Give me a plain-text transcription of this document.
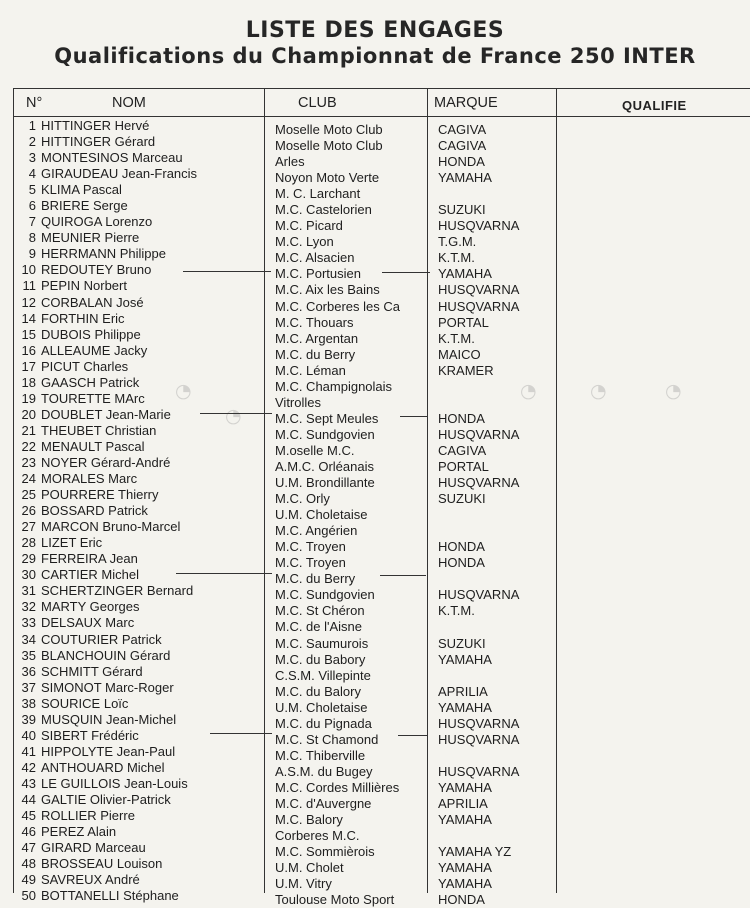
LISTE DES ENGAGES
Qualifications du Championnat de France 250 INTER
N°	NOM	CLUB	MARQUE	QUALIFIE
1 HITTINGER Hervé	Moselle Moto Club	CAGIVA
2 HITTINGER Gérard	Moselle Moto Club	CAGIVA
3 MONTESINOS Marceau	Arles	HONDA
4 GIRAUDEAU Jean-Francis	Noyon Moto Verte	YAMAHA
5 KLIMA Pascal	M. C. Larchant
6 BRIERE Serge	M.C. Castelorien	SUZUKI
7 QUIROGA Lorenzo	M.C. Picard	HUSQVARNA
8 MEUNIER Pierre	M.C. Lyon	T.G.M.
9 HERRMANN Philippe	M.C. Alsacien	K.T.M.
10 REDOUTEY Bruno	M.C. Portusien	YAMAHA
11 PEPIN Norbert	M.C. Aix les Bains	HUSQVARNA
12 CORBALAN José	M.C. Corberes les Ca	HUSQVARNA
14 FORTHIN Eric	M.C. Thouars	PORTAL
15 DUBOIS Philippe	M.C. Argentan	K.T.M.
16 ALLEAUME Jacky	M.C. du Berry	MAICO
17 PICUT Charles	M.C. Léman	KRAMER
18 GAASCH Patrick	M.C. Champignolais
19 TOURETTE MArc	Vitrolles
20 DOUBLET Jean-Marie	M.C. Sept Meules	HONDA
21 THEUBET Christian	M.C. Sundgovien	HUSQVARNA
22 MENAULT Pascal	M.oselle M.C.	CAGIVA
23 NOYER Gérard-André	A.M.C. Orléanais	PORTAL
24 MORALES Marc	U.M. Brondillante	HUSQVARNA
25 POURRERE Thierry	M.C. Orly	SUZUKI
26 BOSSARD Patrick	U.M. Choletaise
27 MARCON Bruno-Marcel	M.C. Angérien
28 LIZET Eric	M.C. Troyen	HONDA
29 FERREIRA Jean	M.C. Troyen	HONDA
30 CARTIER Michel	M.C. du Berry
31 SCHERTZINGER Bernard	M.C. Sundgovien	HUSQVARNA
32 MARTY Georges	M.C. St Chéron	K.T.M.
33 DELSAUX Marc	M.C. de l'Aisne
34 COUTURIER Patrick	M.C. Saumurois	SUZUKI
35 BLANCHOUIN Gérard	M.C. du Babory	YAMAHA
36 SCHMITT Gérard	C.S.M. Villepinte
37 SIMONOT Marc-Roger	M.C. du Balory	APRILIA
38 SOURICE Loïc	U.M. Choletaise	YAMAHA
39 MUSQUIN Jean-Michel	M.C. du Pignada	HUSQVARNA
40 SIBERT Frédéric	M.C. St Chamond	HUSQVARNA
41 HIPPOLYTE Jean-Paul	M.C. Thiberville
42 ANTHOUARD Michel	A.S.M. du Bugey	HUSQVARNA
43 LE GUILLOIS Jean-Louis	M.C. Cordes Millières	YAMAHA
44 GALTIE Olivier-Patrick	M.C. d'Auvergne	APRILIA
45 ROLLIER Pierre	M.C. Balory	YAMAHA
46 PEREZ Alain	Corberes M.C.
47 GIRARD Marceau	M.C. Sommièrois	YAMAHA YZ
48 BROSSEAU Louison	U.M. Cholet	YAMAHA
49 SAVREUX André	U.M. Vitry	YAMAHA
50 BOTTANELLI Stéphane	Toulouse Moto Sport	HONDA
◔
◔
◔	◔	◔
